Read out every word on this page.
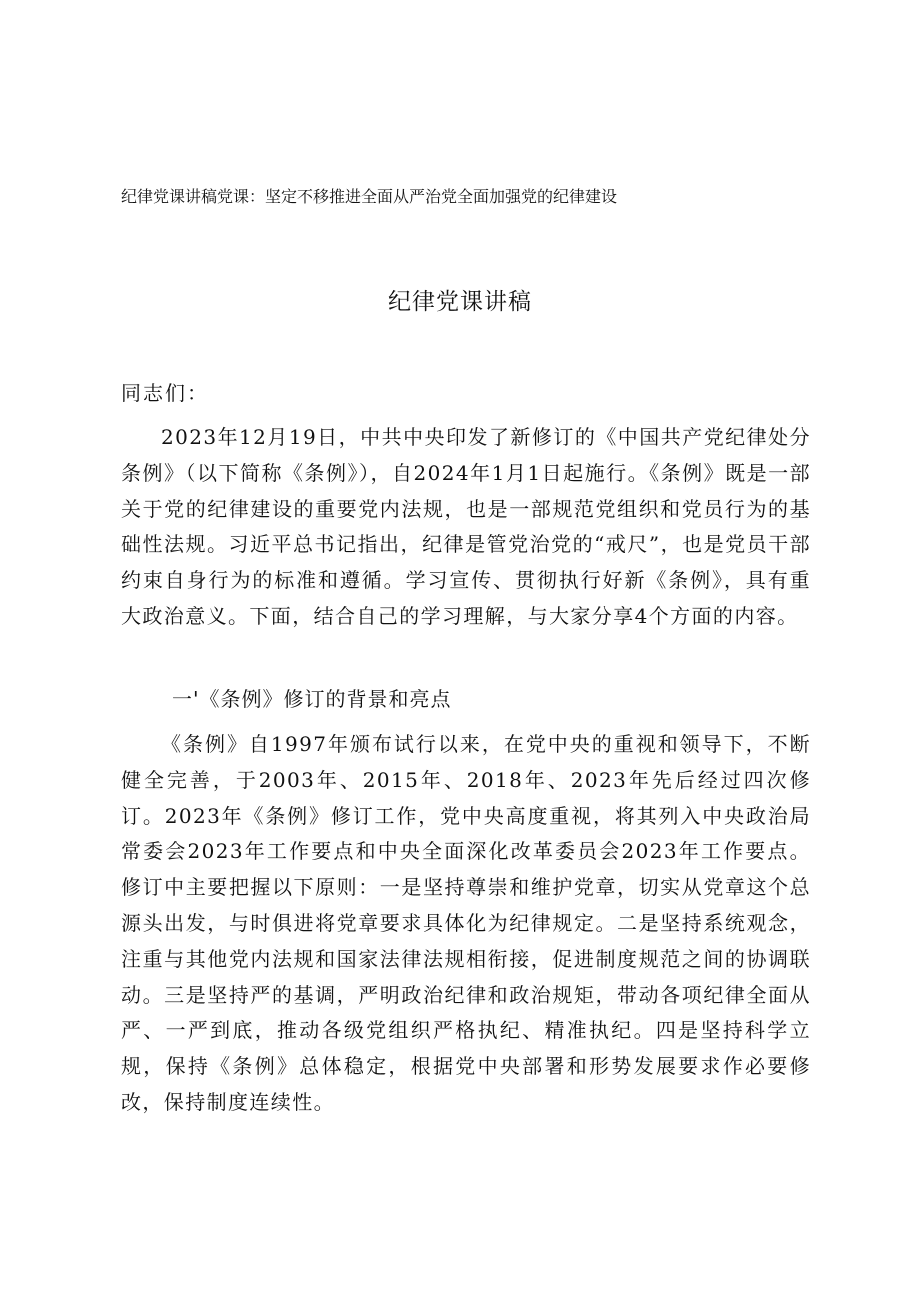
纪律党课讲稿党课：坚定不移推进全面从严治党全面加强党的纪律建设
纪律党课讲稿
同志们：

2023年12月19日，中共中央印发了新修订的《中国共产党纪律处分条例》（以下简称《条例》），自2024年1月1日起施行。《条例》既是一部关于党的纪律建设的重要党内法规，也是一部规范党组织和党员行为的基础性法规。习近平总书记指出，纪律是管党治党的“戒尺”，也是党员干部约束自身行为的标准和遵循。学习宣传、贯彻执行好新《条例》，具有重大政治意义。下面，结合自己的学习理解，与大家分享4个方面的内容。

一'《条例》修订的背景和亮点

《条例》自1997年颁布试行以来，在党中央的重视和领导下，不断健全完善，于2003年、2015年、2018年、2023年先后经过四次修订。2023年《条例》修订工作，党中央高度重视，将其列入中央政治局常委会2023年工作要点和中央全面深化改革委员会2023年工作要点。修订中主要把握以下原则：一是坚持尊崇和维护党章，切实从党章这个总源头出发，与时俱进将党章要求具体化为纪律规定。二是坚持系统观念，注重与其他党内法规和国家法律法规相衔接，促进制度规范之间的协调联动。三是坚持严的基调，严明政治纪律和政治规矩，带动各项纪律全面从严、一严到底，推动各级党组织严格执纪、精准执纪。四是坚持科学立规，保持《条例》总体稳定，根据党中央部署和形势发展要求作必要修改，保持制度连续性。
